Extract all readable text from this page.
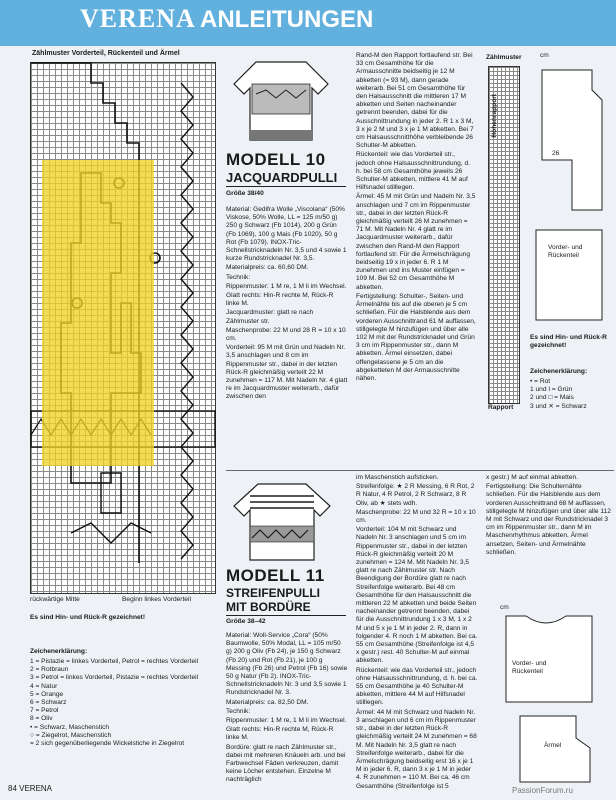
VERENA ANLEITUNGEN
Zählmuster Vorderteil, Rückenteil und Ärmel
rückwärtige Mitte	Beginn linkes Vorderteil
Es sind Hin- und Rück-R gezeichnet!
Zeichenerklärung:
1 = Pistazie = linkes Vorderteil, Petrol = rechtes Vorderteil
2 = Rotbraun
3 = Petrol = linkes Vorderteil, Pistazie = rechtes Vorderteil
4 = Natur
5 = Orange
6 = Schwarz
7 = Petrol
8 = Oliv
• = Schwarz, Maschenstich
○ = Ziegelrot, Maschenstich
= 2 sich gegenüberliegende Wickelstiche in Ziegelrot
MODELL 10
JACQUARDPULLI
Größe 38/40

Material: Gedifra Wolle „Viscolana“ (50% Viskose, 50% Wolle, LL = 125 m/50 g) 250 g Schwarz (Fb 1014), 200 g Grün (Fb 1069), 100 g Mais (Fb 1020), 50 g Rot (Fb 1079). INOX-Tric-Schnellstricknadeln Nr. 3,5 und 4 sowie 1 kurze Rundstricknadel Nr. 3,5.

Materialpreis: ca. 60,60 DM.

Technik:

Rippenmuster: 1 M re, 1 M li im Wechsel.

Glatt rechts: Hin-R rechte M, Rück-R linke M.

Jacquardmuster: glatt re nach Zählmuster str.

Maschenprobe: 22 M und 28 R = 10 x 10 cm.

Vorderteil: 95 M mit Grün und Nadeln Nr. 3,5 anschlagen und 8 cm im Rippenmuster str., dabei in der letzten Rück-R gleichmäßig verteilt 22 M zunehmen = 117 M. Mit Nadeln Nr. 4 glatt re im Jacquardmuster weiterarb., dafür zwischen den

Rand-M den Rapport fortlaufend str. Bei 33 cm Gesamthöhe für die Armausschnitte beidseitig je 12 M abketten (= 93 M), dann gerade weiterarb. Bei 51 cm Gesamthöhe für den Halsausschnitt die mittleren 17 M abketten und Seiten nacheinander getrennt beenden, dabei für die Ausschnittrundung in jeder 2. R 1 x 3 M, 3 x je 2 M und 3 x je 1 M abketten. Bei 7 cm Halsausschnitthöhe verbleibende 26 Schulter-M abketten.

Rückenteil: wie das Vorderteil str., jedoch ohne Halsausschnittrundung, d. h. bei 58 cm Gesamthöhe jeweils 26 Schulter-M abketten, mittlere 41 M auf Hilfsnadel stilllegen.

Ärmel: 45 M mit Grün und Nadeln Nr. 3,5 anschlagen und 7 cm im Rippenmuster str., dabei in der letzten Rück-R gleichmäßig verteilt 26 M zunehmen = 71 M. Mit Nadeln Nr. 4 glatt re im Jacquardmuster weiterarb., dafür zwischen den Rand-M den Rapport fortlaufend str. Für die Ärmelschrägung beidseitig 19 x in jeder 6. R 1 M zunehmen und ins Muster einfügen = 109 M. Bei 52 cm Gesamthöhe M abketten.

Fertigstellung: Schulter-, Seiten- und Ärmelnähte bis auf die oberen je 5 cm schließen. Für die Halsblende aus dem vorderen Ausschnittrand 61 M auffassen, stillgelegte M hinzufügen und über alle 102 M mit der Rundstricknadel und Grün 3 cm im Rippenmuster str., dann M abketten. Ärmel einsetzen, dabei offengelassene je 5 cm an die abgeketteten M der Armausschnitte nähen.

Zählmuster
Höhenrapport
Rapport
cm
26
Vorder- und Rückenteil
Es sind Hin- und Rück-R gezeichnet!
Zeichenerklärung:
• = Rot
1 und ǀ = Grün
2 und □ = Mais
3 und ✕ = Schwarz
MODELL 11
STREIFENPULLI
MIT BORDÜRE
Größe 38–42

Material: Woll-Service „Cora“ (50% Baumwolle, 50% Modal, LL = 105 m/50 g) 200 g Oliv (Fb 24), je 150 g Schwarz (Fb 20) und Rot (Fb 21), je 100 g Messing (Fb 26) und Petrol (Fb 16) sowie 50 g Natur (Fb 2). INOX-Tric-Schnellstricknadeln Nr. 3 und 3,5 sowie 1 Rundstricknadel Nr. 3.

Materialpreis: ca. 82,50 DM.

Technik:

Rippenmuster: 1 M re, 1 M li im Wechsel.

Glatt rechts: Hin-R rechte M, Rück-R linke M.

Bordüre: glatt re nach Zählmuster str., dabei mit mehreren Knäueln arb. und bei Farbwechsel Fäden verkreuzen, damit keine Löcher entstehen. Einzelne M nachträglich

im Maschenstich aufsticken.

Streifenfolge: ★ 2 R Messing, 6 R Rot, 2 R Natur, 4 R Petrol, 2 R Schwarz, 8 R Oliv, ab ★ stets wdh.

Maschenprobe: 22 M und 32 R = 10 x 10 cm.

Vorderteil: 104 M mit Schwarz und Nadeln Nr. 3 anschlagen und 5 cm im Rippenmuster str., dabei in der letzten Rück-R gleichmäßig verteilt 20 M zunehmen = 124 M. Mit Nadeln Nr. 3,5 glatt re nach Zählmuster str. Nach Beendigung der Bordüre glatt re nach Streifenfolge weiterarb. Bei 48 cm Gesamthöhe für den Halsausschnitt die mittleren 22 M abketten und beide Seiten nacheinander getrennt beenden, dabei für die Ausschnittrundung 1 x 3 M, 1 x 2 M und 5 x je 1 M in jeder 2. R, dann in folgender 4. R noch 1 M abketten. Bei ca. 55 cm Gesamthöhe (Streifenfolge ist 4,5 x gestr.) rest. 40 Schulter-M auf einmal abketten.

Rückenteil: wie das Vorderteil str., jedoch ohne Halsausschnittrundung, d. h. bei ca. 55 cm Gesamthöhe je 40 Schulter-M abketten, mittlere 44 M auf Hilfsnadel stilllegen.

Ärmel: 44 M mit Schwarz und Nadeln Nr. 3 anschlagen und 6 cm im Rippenmuster str., dabei in der letzten Rück-R gleichmäßig verteilt 24 M zunehmen = 68 M. Mit Nadeln Nr. 3,5 glatt re nach Streifenfolge weiterarb., dabei für die Ärmelschrägung beidseitig erst 16 x je 1 M in jeder 6. R, dann 3 x je 1 M in jeder 4. R zunehmen = 110 M. Bei ca. 46 cm Gesamthöhe (Streifenfolge ist 5

x gestr.) M auf einmal abketten.

Fertigstellung: Die Schulternähte schließen. Für die Halsblende aus dem vorderen Ausschnittrand 68 M auffassen, stillgelegte M hinzufügen und über alle 112 M mit Schwarz und der Rundstricknadel 3 cm im Rippenmuster str., dann M im Maschenrhythmus abketten. Ärmel ansetzen, Seiten- und Ärmelnähte schließen.

cm
Vorder- und Rückenteil
Ärmel
84 VERENA	PassionForum.ru
